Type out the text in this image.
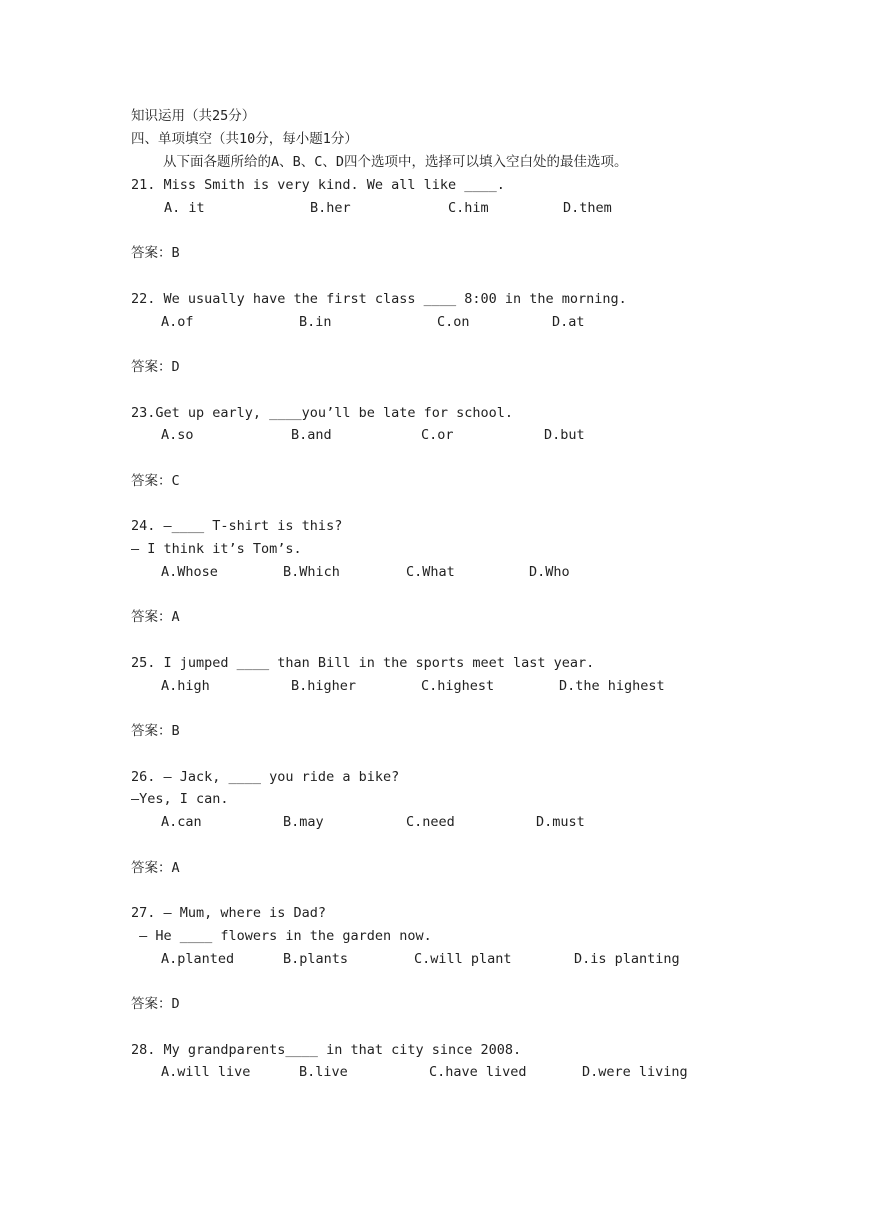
知识运用（共25分）
四、单项填空（共10分，每小题1分）
从下面各题所给的A、B、C、D四个选项中，选择可以填入空白处的最佳选项。
21. Miss Smith is very kind. We all like ____.
A. it	B.her	C.him	D.them
答案：B
22. We usually have the first class ____ 8:00 in the morning.
A.of	B.in	C.on	D.at
答案：D
23.Get up early, ____you’ll be late for school.
A.so	B.and	C.or	D.but
答案：C
24. —____ T-shirt is this?
— I think it’s Tom’s.
A.Whose	B.Which	C.What	D.Who
答案：A
25. I jumped ____ than Bill in the sports meet last year.
A.high	B.higher	C.highest	D.the highest
答案：B
26. – Jack, ____ you ride a bike?
–Yes, I can.
A.can	B.may	C.need	D.must
答案：A
27. – Mum, where is Dad?
– He ____ flowers in the garden now.
A.planted	B.plants	C.will plant	D.is planting
答案：D
28. My grandparents____ in that city since 2008.
A.will live	B.live	C.have lived	D.were living
